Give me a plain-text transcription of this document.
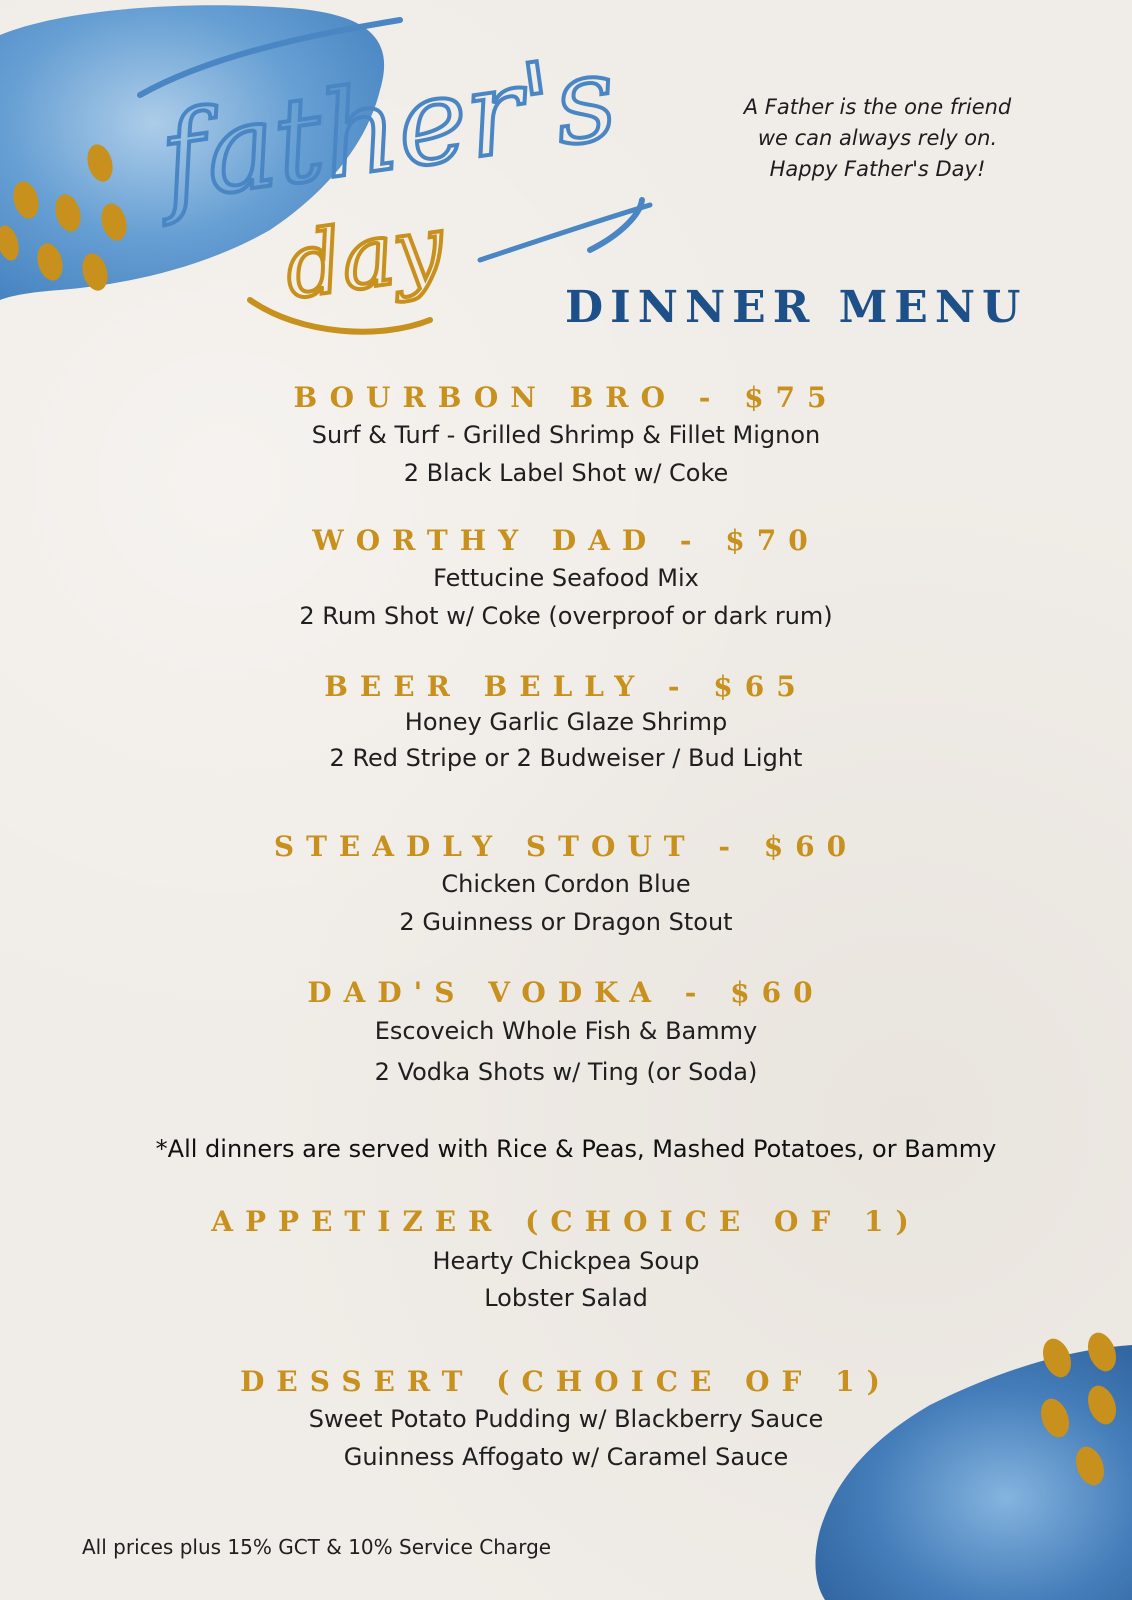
father's
day
A Father is the one friend
we can always rely on.
Happy Father's Day!
DINNER MENU
BOURBON BRO - $75
Surf & Turf - Grilled Shrimp & Fillet Mignon
2 Black Label Shot w/ Coke
WORTHY DAD - $70
Fettucine Seafood Mix
2 Rum Shot w/ Coke (overproof or dark rum)
BEER BELLY - $65
Honey Garlic Glaze Shrimp
2 Red Stripe or 2 Budweiser / Bud Light
STEADLY STOUT - $60
Chicken Cordon Blue
2 Guinness or Dragon Stout
DAD'S VODKA - $60
Escoveich Whole Fish & Bammy
2 Vodka Shots w/ Ting (or Soda)
*All dinners are served with Rice & Peas, Mashed Potatoes, or Bammy
APPETIZER (CHOICE OF 1)
Hearty Chickpea Soup
Lobster Salad
DESSERT (CHOICE OF 1)
Sweet Potato Pudding w/ Blackberry Sauce
Guinness Affogato w/ Caramel Sauce
All prices plus 15% GCT & 10% Service Charge
